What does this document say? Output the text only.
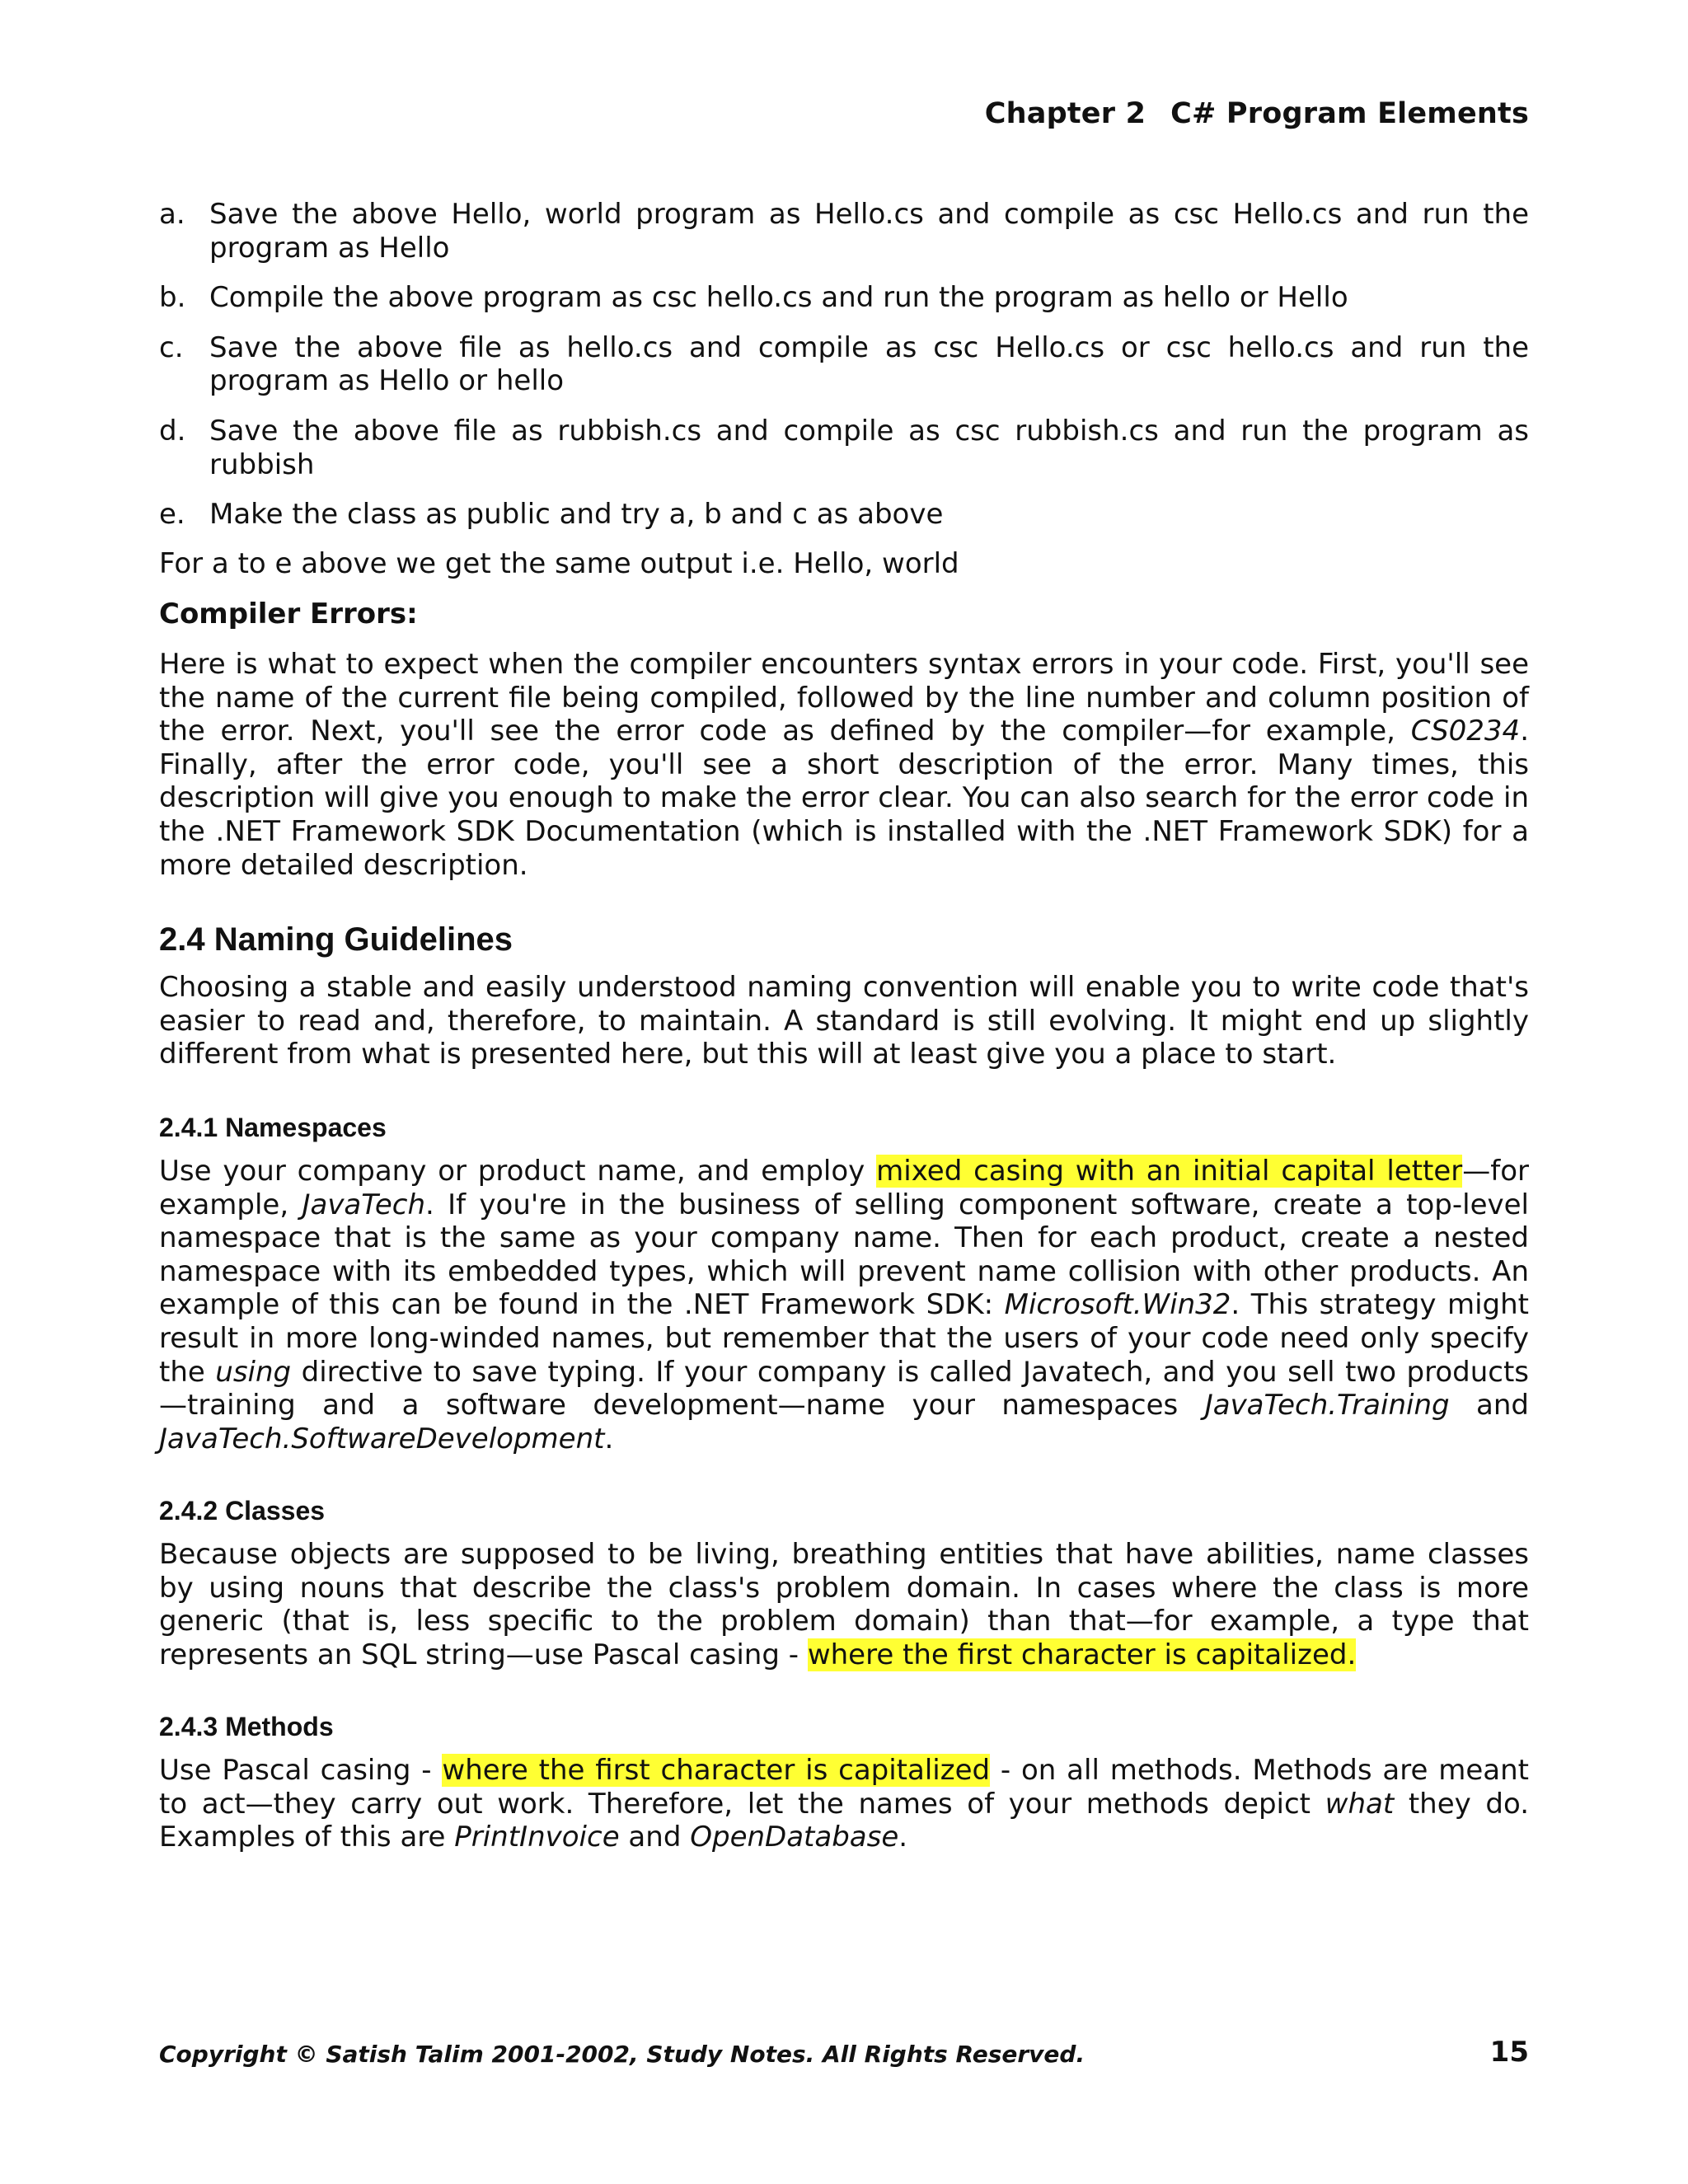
Chapter 2 C# Program Elements
a. Save the above Hello, world program as Hello.cs and compile as csc Hello.cs and run the program as Hello

b. Compile the above program as csc hello.cs and run the program as hello or Hello

c. Save the above file as hello.cs and compile as csc Hello.cs or csc hello.cs and run the program as Hello or hello

d. Save the above file as rubbish.cs and compile as csc rubbish.cs and run the program as rubbish

e. Make the class as public and try a, b and c as above

For a to e above we get the same output i.e. Hello, world

Compiler Errors:

Here is what to expect when the compiler encounters syntax errors in your code. First, you'll see the name of the current file being compiled, followed by the line number and column position of the error. Next, you'll see the error code as defined by the compiler—for example, CS0234. Finally, after the error code, you'll see a short description of the error. Many times, this description will give you enough to make the error clear. You can also search for the error code in the .NET Framework SDK Documentation (which is installed with the .NET Framework SDK) for a more detailed description.

2.4 Naming Guidelines

Choosing a stable and easily understood naming convention will enable you to write code that's easier to read and, therefore, to maintain. A standard is still evolving. It might end up slightly different from what is presented here, but this will at least give you a place to start.

2.4.1 Namespaces

Use your company or product name, and employ mixed casing with an initial capital letter—for example, JavaTech. If you're in the business of selling component software, create a top-level namespace that is the same as your company name. Then for each product, create a nested namespace with its embedded types, which will prevent name collision with other products. An example of this can be found in the .NET Framework SDK: Microsoft.Win32. This strategy might result in more long-winded names, but remember that the users of your code need only specify the using directive to save typing. If your company is called Javatech, and you sell two products—training and a software development—name your namespaces JavaTech.Training and JavaTech.SoftwareDevelopment.

2.4.2 Classes

Because objects are supposed to be living, breathing entities that have abilities, name classes by using nouns that describe the class's problem domain. In cases where the class is more generic (that is, less specific to the problem domain) than that—for example, a type that represents an SQL string—use Pascal casing - where the first character is capitalized.

2.4.3 Methods

Use Pascal casing - where the first character is capitalized - on all methods. Methods are meant to act—they carry out work. Therefore, let the names of your methods depict what they do. Examples of this are PrintInvoice and OpenDatabase.

Copyright © Satish Talim 2001-2002, Study Notes. All Rights Reserved.	15
